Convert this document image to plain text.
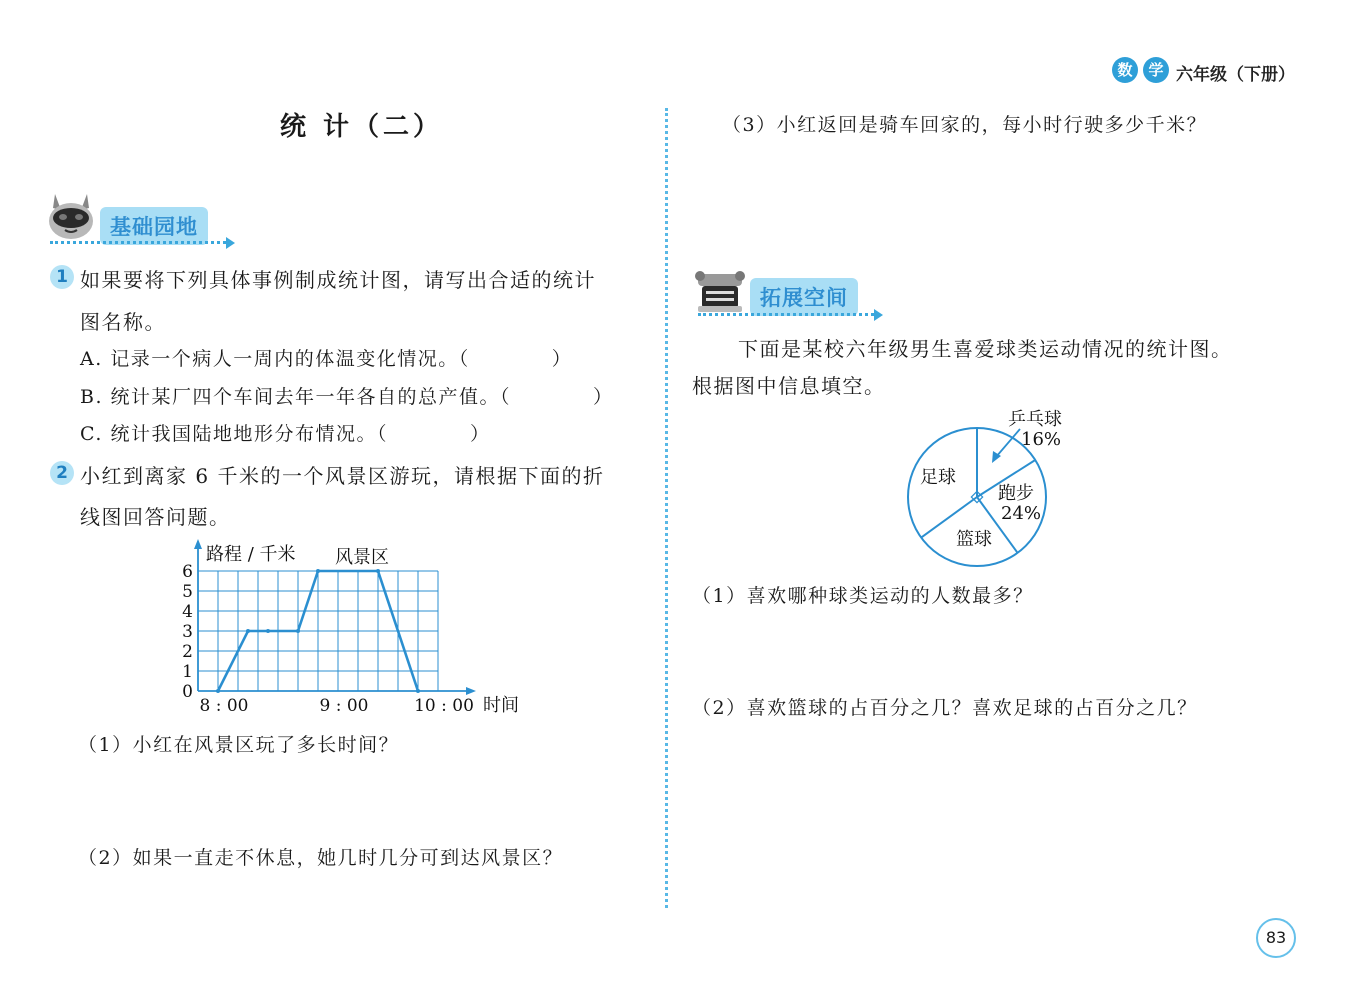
数	学 六年级（下册）
统 计（二）
基础园地
1 如果要将下列具体事例制成统计图，请写出合适的统计
图名称。
A. 记录一个病人一周内的体温变化情况。（　　　　）
B. 统计某厂四个车间去年一年各自的总产值。（　　　　）
C. 统计我国陆地地形分布情况。（　　　　）
2 小红到离家 6 千米的一个风景区游玩，请根据下面的折
线图回答问题。
0
1
2
3
4
5
6
8 : 00	9 : 00	10 : 00
路程 / 千米
时间
风景区
（1）小红在风景区玩了多长时间？
（2）如果一直走不休息，她几时几分可到达风景区？
（3）小红返回是骑车回家的，每小时行驶多少千米？
拓展空间
下面是某校六年级男生喜爱球类运动情况的统计图。
根据图中信息填空。
乒乓球
16%
跑步
24%
篮球
足球
（1）喜欢哪种球类运动的人数最多？
（2）喜欢篮球的占百分之几？喜欢足球的占百分之几？
83
